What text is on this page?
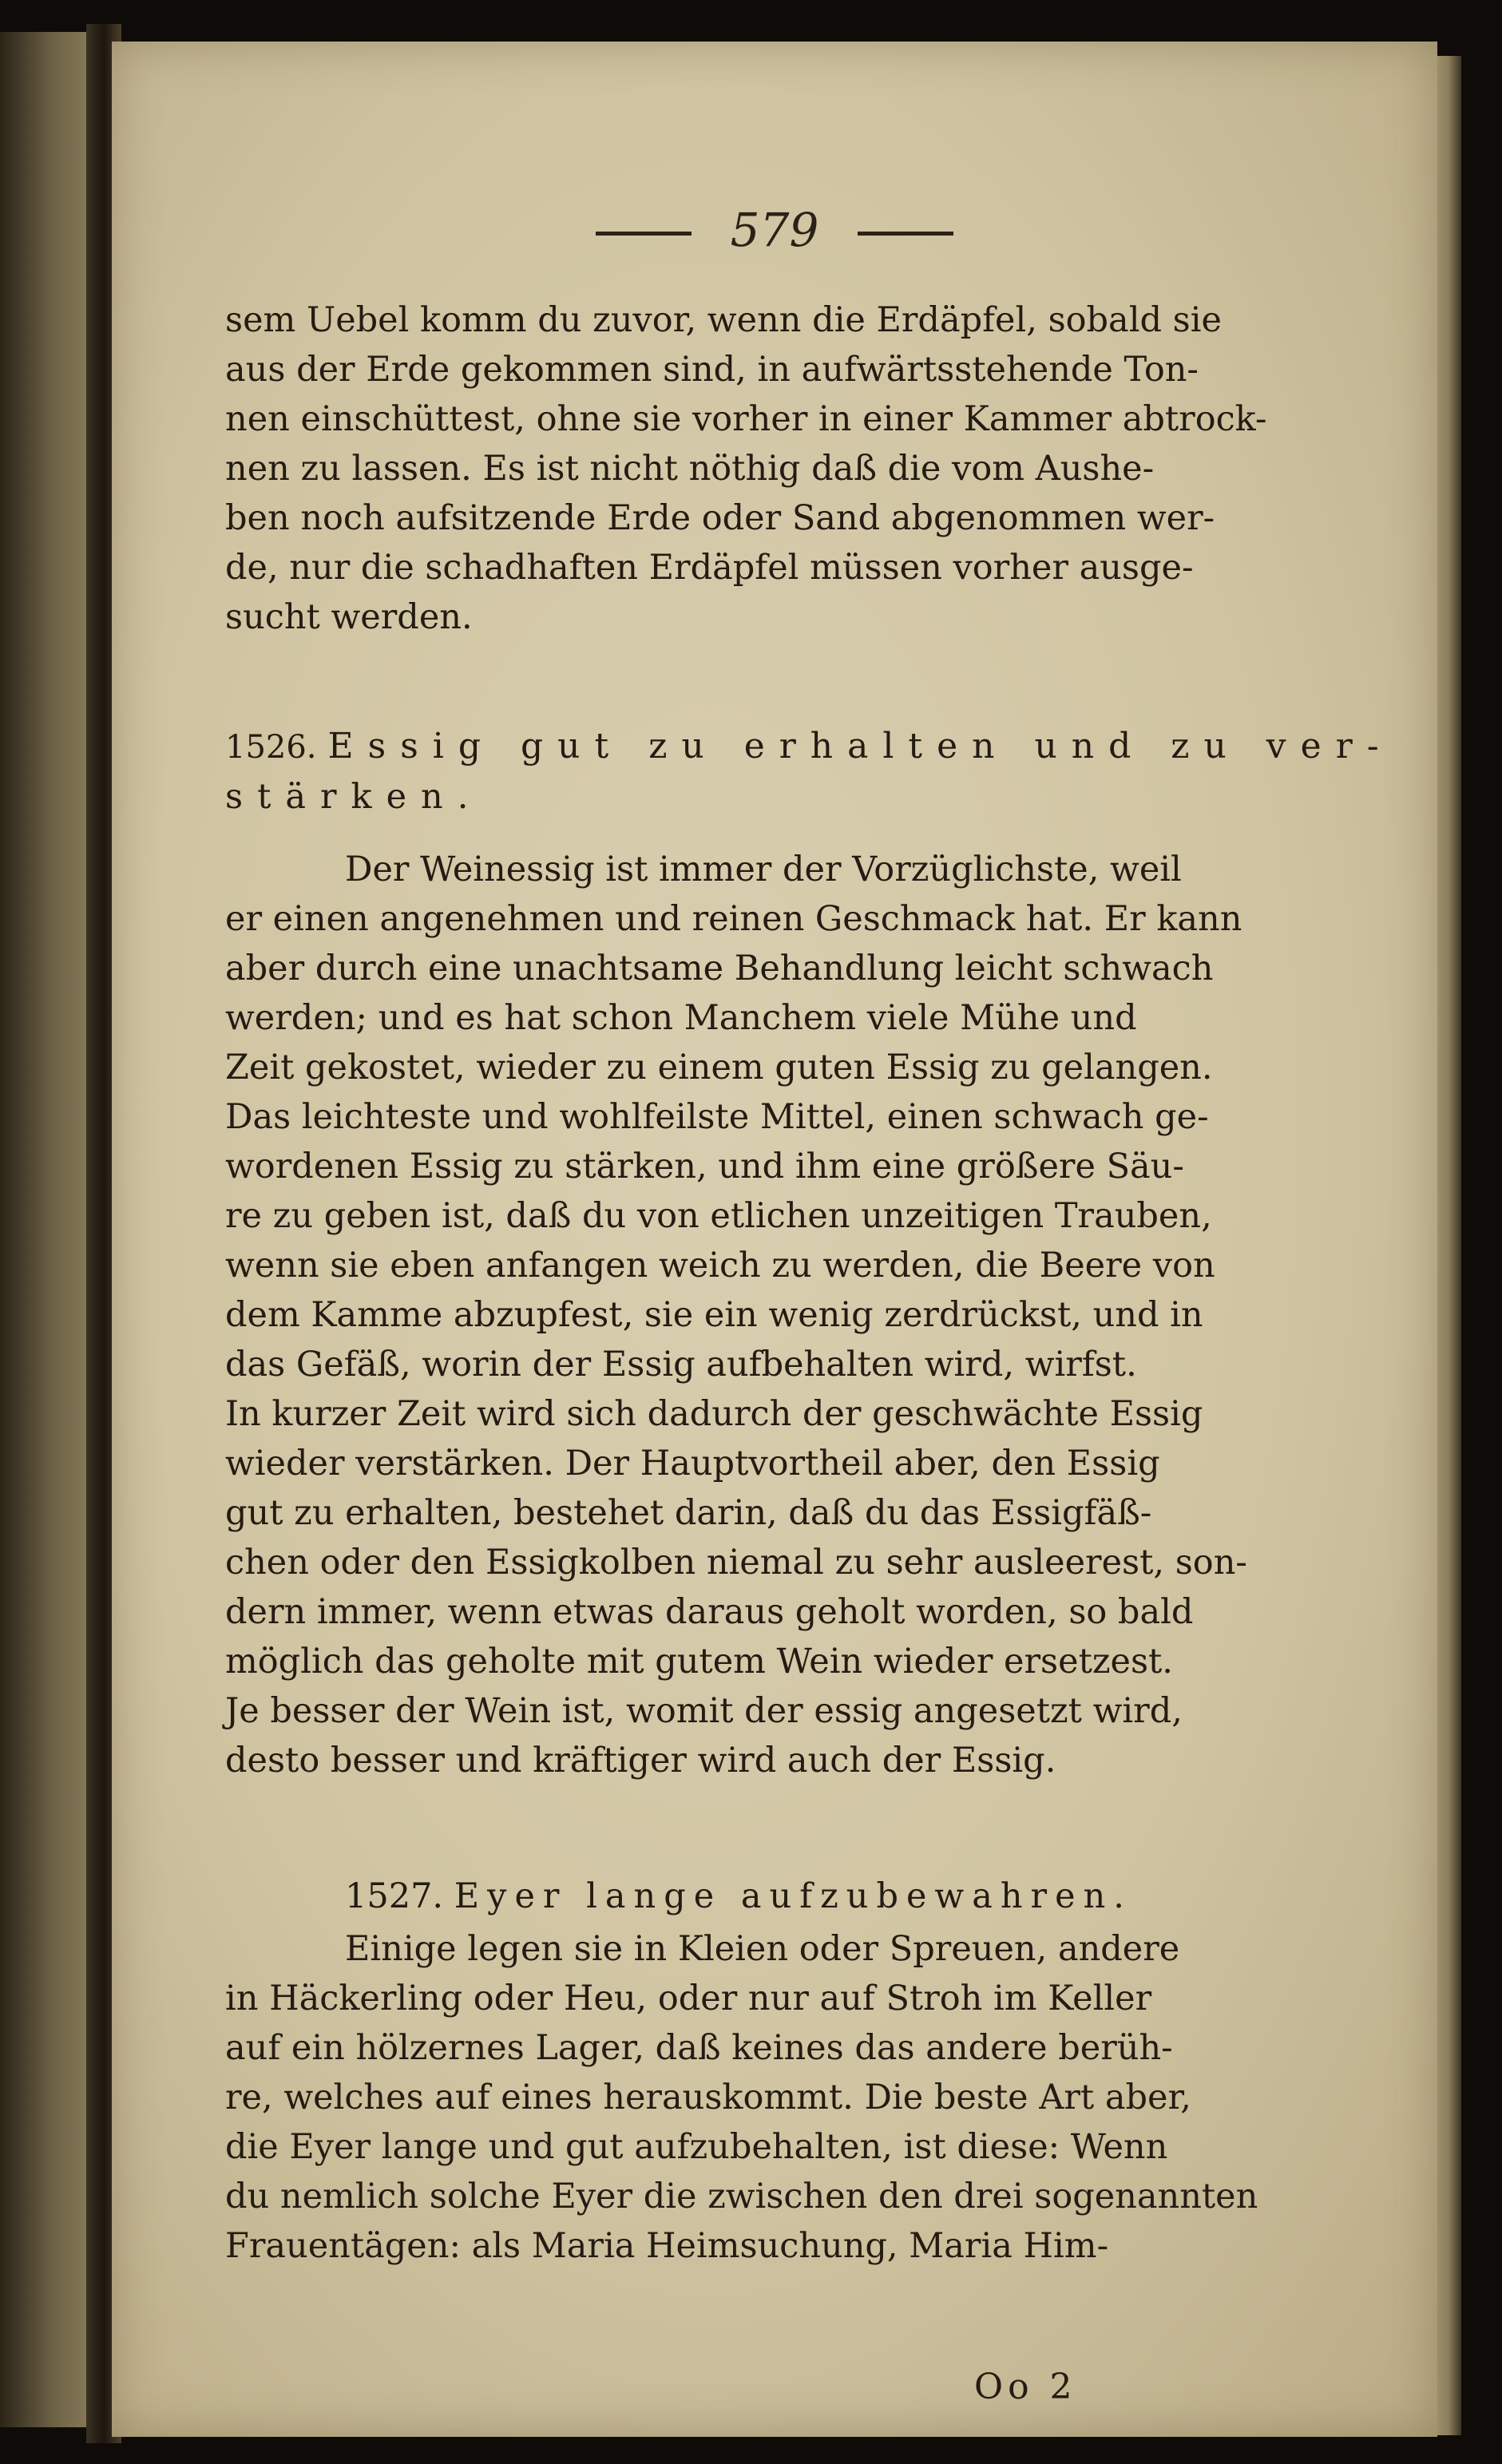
579

sem Uebel komm du zuvor, wenn die Erdäpfel, sobald sie

aus der Erde gekommen sind, in aufwärtsstehende Ton-

nen einschüttest, ohne sie vorher in einer Kammer abtrock-

nen zu lassen. Es ist nicht nöthig daß die vom Aushe-

ben noch aufsitzende Erde oder Sand abgenommen wer-

de, nur die schadhaften Erdäpfel müssen vorher ausge-

sucht werden.

1526. Essig gut zu erhalten und zu ver-

stärken.

Der Weinessig ist immer der Vorzüglichste, weil

er einen angenehmen und reinen Geschmack hat. Er kann

aber durch eine unachtsame Behandlung leicht schwach

werden; und es hat schon Manchem viele Mühe und

Zeit gekostet, wieder zu einem guten Essig zu gelangen.

Das leichteste und wohlfeilste Mittel, einen schwach ge-

wordenen Essig zu stärken, und ihm eine größere Säu-

re zu geben ist, daß du von etlichen unzeitigen Trauben,

wenn sie eben anfangen weich zu werden, die Beere von

dem Kamme abzupfest, sie ein wenig zerdrückst, und in

das Gefäß, worin der Essig aufbehalten wird, wirfst.

In kurzer Zeit wird sich dadurch der geschwächte Essig

wieder verstärken. Der Hauptvortheil aber, den Essig

gut zu erhalten, bestehet darin, daß du das Essigfäß-

chen oder den Essigkolben niemal zu sehr ausleerest, son-

dern immer, wenn etwas daraus geholt worden, so bald

möglich das geholte mit gutem Wein wieder ersetzest.

Je besser der Wein ist, womit der essig angesetzt wird,

desto besser und kräftiger wird auch der Essig.

1527. Eyer lange aufzubewahren.

Einige legen sie in Kleien oder Spreuen, andere

in Häckerling oder Heu, oder nur auf Stroh im Keller

auf ein hölzernes Lager, daß keines das andere berüh-

re, welches auf eines herauskommt. Die beste Art aber,

die Eyer lange und gut aufzubehalten, ist diese: Wenn

du nemlich solche Eyer die zwischen den drei sogenannten

Frauentägen: als Maria Heimsuchung, Maria Him-

Oo 2
